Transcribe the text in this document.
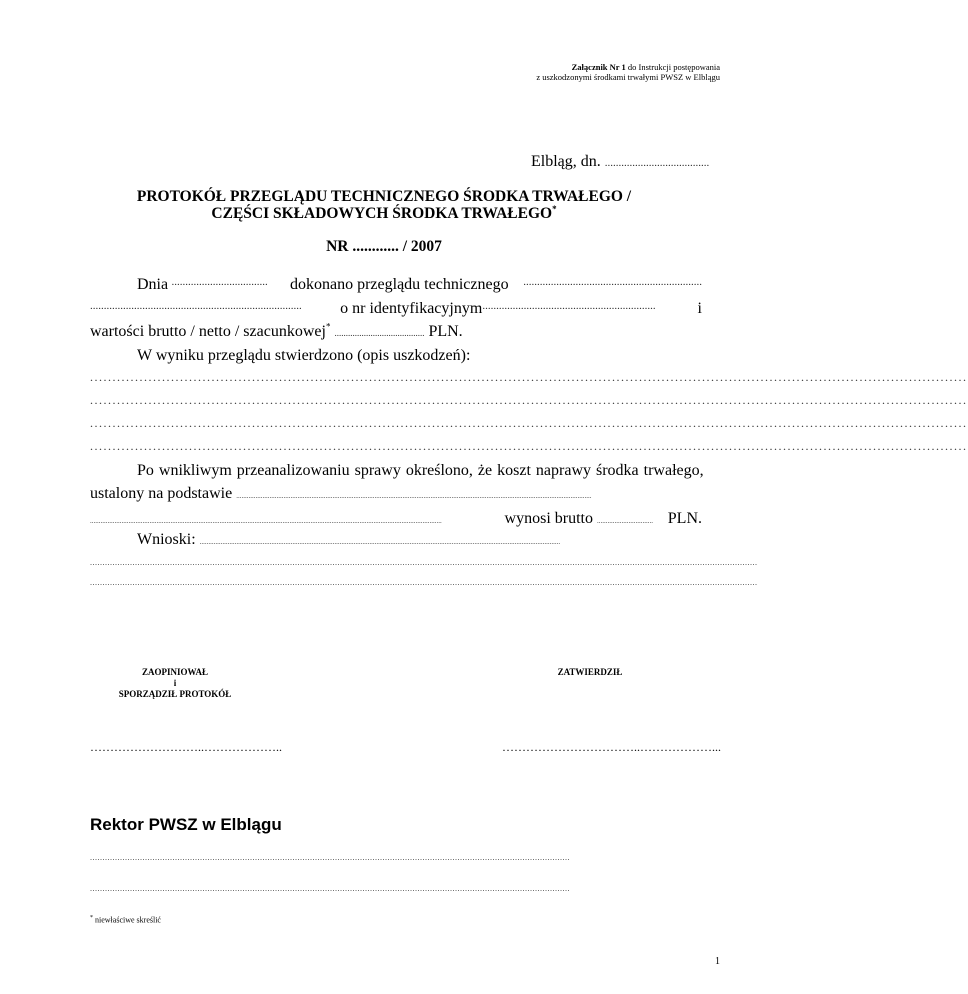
Załącznik Nr 1 do Instrukcji postępowania
z uszkodzonymi środkami trwałymi PWSZ w Elblągu
Elbląg, dn. ......................................
PROTOKÓŁ PRZEGLĄDU TECHNICZNEGO ŚRODKA TRWAŁEGO /
CZĘŚCI SKŁADOWYCH ŚRODKA TRWAŁEGO*
NR ............ / 2007
Dnia ...................................	dokonano przeglądu technicznego	.................................................................
.............................................................................	o nr identyfikacyjnym ...............................................................	i
wartości brutto / netto / szacunkowej* ........................................ PLN.
W wyniku przeglądu stwierdzono (opis uszkodzeń):
...................................................................................................................................................................................................
...................................................................................................................................................................................................
...................................................................................................................................................................................................
...................................................................................................................................................................................................
Po wnikliwym przeanalizowaniu sprawy określono, że koszt naprawy środka trwałego,
ustalony na podstawie ...........................................................................................................................................................................................................
.........................................................................................................................................................................................................	wynosi brutto ................................ PLN.
Wnioski: ..............................................................................................................................................................................................................
...........................................................................................................................................................................................................................................................................
...........................................................................................................................................................................................................................................................................
ZAOPINIOWAŁ
i
SPORZĄDZIŁ PROTOKÓŁ
ZATWIERDZIŁ
………………………..………………..	……………………………..………………...
Rektor PWSZ w Elblągu
................................................................................................................................................................................................
................................................................................................................................................................................................
* niewłaściwe skreślić
1
